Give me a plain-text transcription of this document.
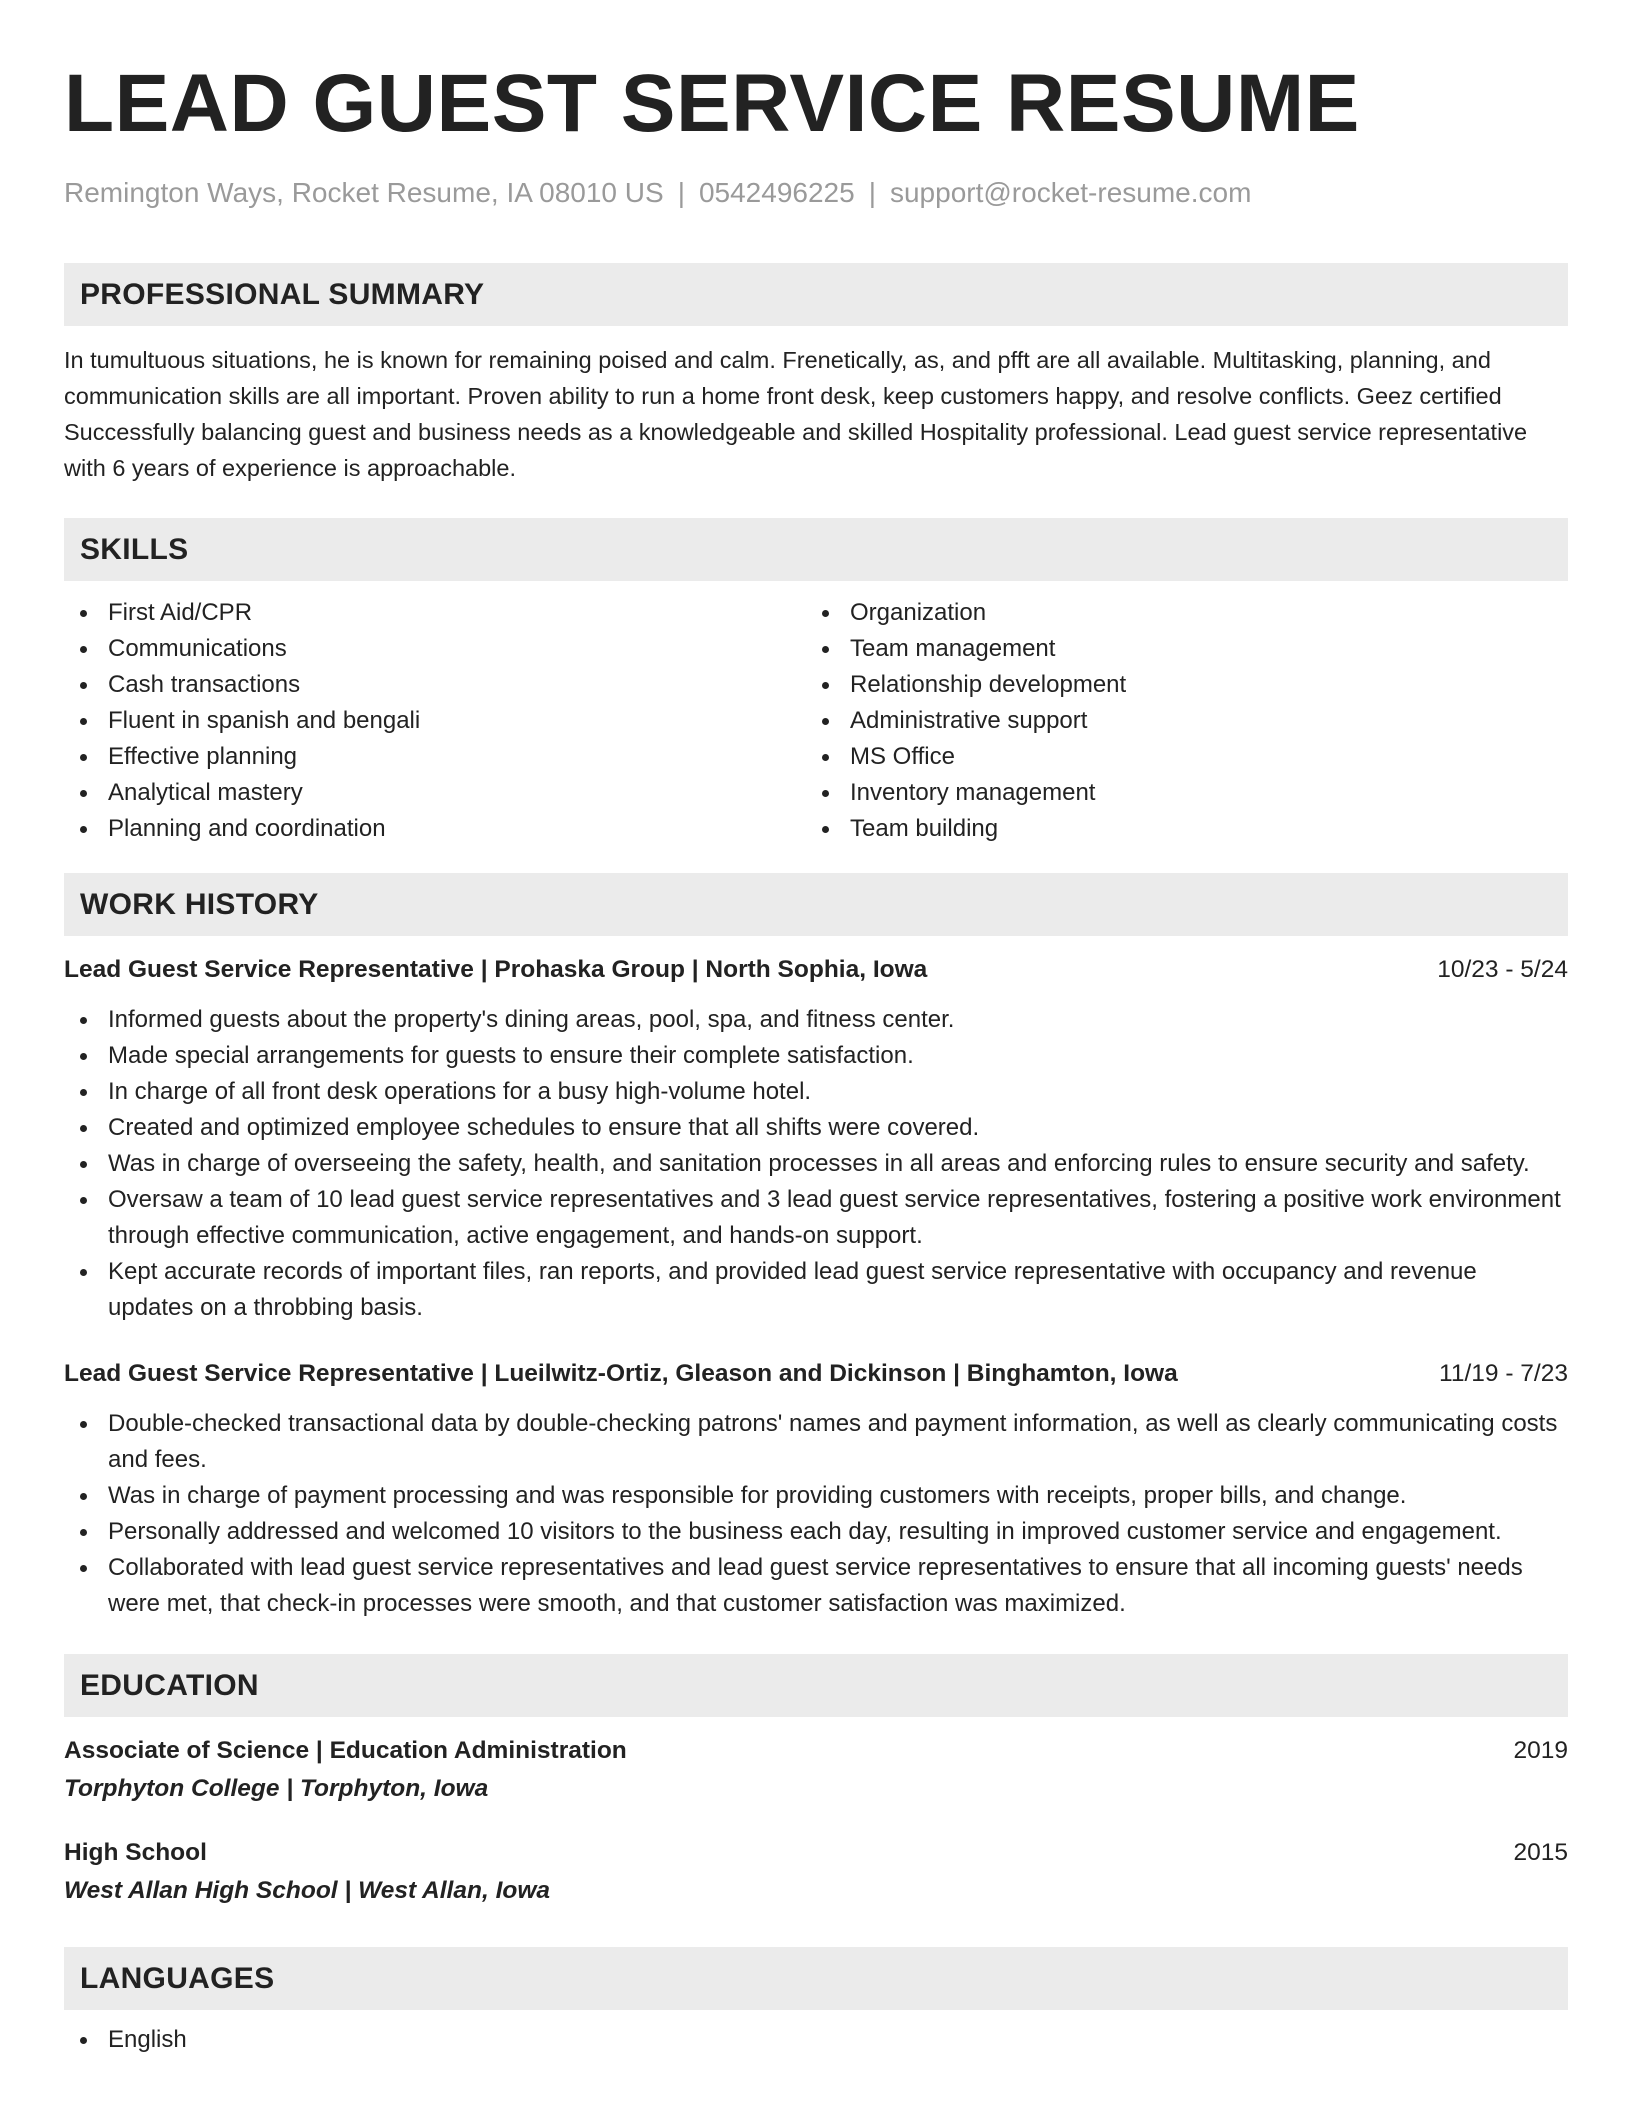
LEAD GUEST SERVICE RESUME
Remington Ways, Rocket Resume, IA 08010 US | 0542496225 | support@rocket-resume.com
PROFESSIONAL SUMMARY

In tumultuous situations, he is known for remaining poised and calm. Frenetically, as, and pfft are all available. Multitasking, planning, and communication skills are all important. Proven ability to run a home front desk, keep customers happy, and resolve conflicts. Geez certified Successfully balancing guest and business needs as a knowledgeable and skilled Hospitality professional. Lead guest service representative with 6 years of experience is approachable.

SKILLS
First Aid/CPR
Communications
Cash transactions
Fluent in spanish and bengali
Effective planning
Analytical mastery
Planning and coordination
Organization
Team management
Relationship development
Administrative support
MS Office
Inventory management
Team building
WORK HISTORY
Lead Guest Service Representative | Prohaska Group | North Sophia, Iowa	10/23 - 5/24
Informed guests about the property's dining areas, pool, spa, and fitness center.
Made special arrangements for guests to ensure their complete satisfaction.
In charge of all front desk operations for a busy high-volume hotel.
Created and optimized employee schedules to ensure that all shifts were covered.
Was in charge of overseeing the safety, health, and sanitation processes in all areas and enforcing rules to ensure security and safety.
Oversaw a team of 10 lead guest service representatives and 3 lead guest service representatives, fostering a positive work environment through effective communication, active engagement, and hands-on support.
Kept accurate records of important files, ran reports, and provided lead guest service representative with occupancy and revenue updates on a throbbing basis.
Lead Guest Service Representative | Lueilwitz-Ortiz, Gleason and Dickinson | Binghamton, Iowa	11/19 - 7/23
Double-checked transactional data by double-checking patrons' names and payment information, as well as clearly communicating costs and fees.
Was in charge of payment processing and was responsible for providing customers with receipts, proper bills, and change.
Personally addressed and welcomed 10 visitors to the business each day, resulting in improved customer service and engagement.
Collaborated with lead guest service representatives and lead guest service representatives to ensure that all incoming guests' needs were met, that check-in processes were smooth, and that customer satisfaction was maximized.
EDUCATION
Associate of Science | Education Administration	2019
Torphyton College | Torphyton, Iowa
High School	2015
West Allan High School | West Allan, Iowa
LANGUAGES
English
